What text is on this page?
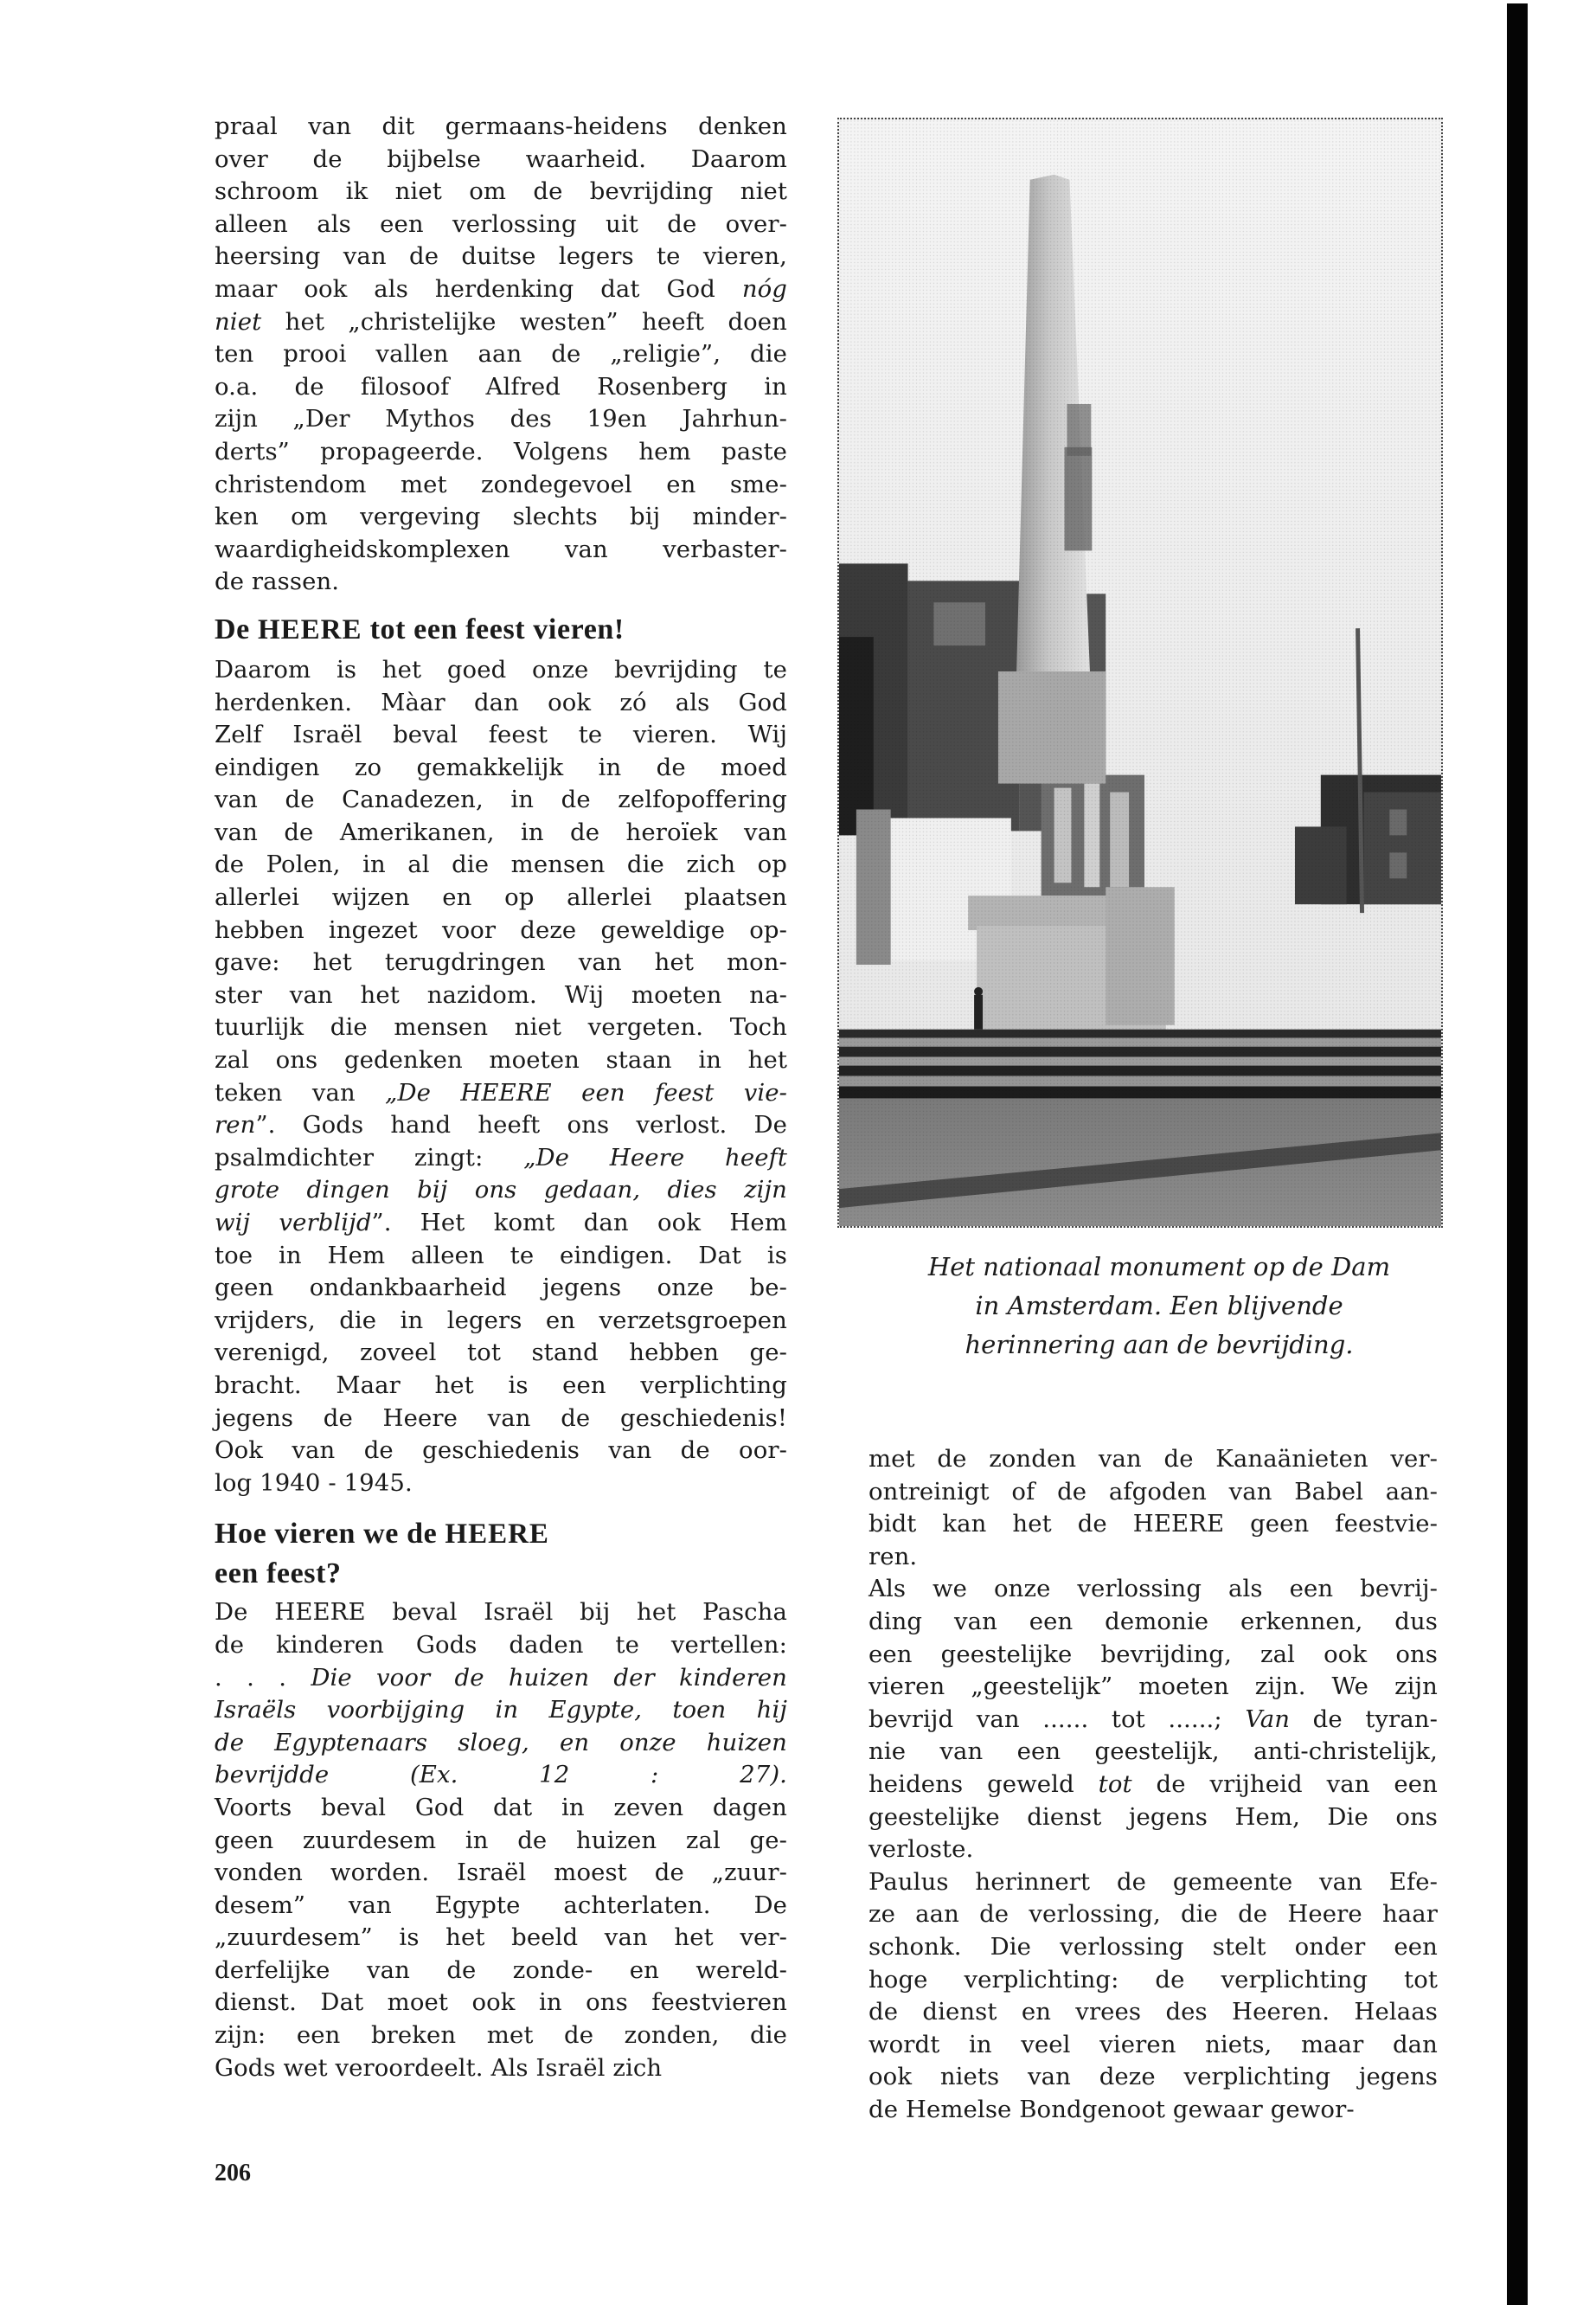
praal van dit germaans-heidens denken
over de bijbelse waarheid. Daarom
schroom ik niet om de bevrijding niet
alleen als een verlossing uit de over-
heersing van de duitse legers te vieren,
maar ook als herdenking dat God nóg
niet het „christelijke westen” heeft doen
ten prooi vallen aan de „religie”, die
o.a. de filosoof Alfred Rosenberg in
zijn „Der Mythos des 19en Jahrhun-
derts” propageerde. Volgens hem paste
christendom met zondegevoel en sme-
ken om vergeving slechts bij minder-
waardigheidskomplexen van verbaster-
de rassen.
De HEERE tot een feest vieren!
Daarom is het goed onze bevrijding te
herdenken. Màar dan ook zó als God
Zelf Israël beval feest te vieren. Wij
eindigen zo gemakkelijk in de moed
van de Canadezen, in de zelfopoffering
van de Amerikanen, in de heroïek van
de Polen, in al die mensen die zich op
allerlei wijzen en op allerlei plaatsen
hebben ingezet voor deze geweldige op-
gave: het terugdringen van het mon-
ster van het nazidom. Wij moeten na-
tuurlijk die mensen niet vergeten. Toch
zal ons gedenken moeten staan in het
teken van „De HEERE een feest vie-
ren”. Gods hand heeft ons verlost. De
psalmdichter zingt: „De Heere heeft
grote dingen bij ons gedaan, dies zijn
wij verblijd”. Het komt dan ook Hem
toe in Hem alleen te eindigen. Dat is
geen ondankbaarheid jegens onze be-
vrijders, die in legers en verzetsgroepen
verenigd, zoveel tot stand hebben ge-
bracht. Maar het is een verplichting
jegens de Heere van de geschiedenis!
Ook van de geschiedenis van de oor-
log 1940 - 1945.
Hoe vieren we de HEERE
een feest?
De HEERE beval Israël bij het Pascha
de kinderen Gods daden te vertellen:
. . . Die voor de huizen der kinderen
Israëls voorbijging in Egypte, toen hij
de Egyptenaars sloeg, en onze huizen
bevrijdde (Ex. 12 : 27).
Voorts beval God dat in zeven dagen
geen zuurdesem in de huizen zal ge-
vonden worden. Israël moest de „zuur-
desem” van Egypte achterlaten. De
„zuurdesem” is het beeld van het ver-
derfelijke van de zonde- en wereld-
dienst. Dat moet ook in ons feestvieren
zijn: een breken met de zonden, die
Gods wet veroordeelt. Als Israël zich
206
Het nationaal monument op de Dam
in Amsterdam. Een blijvende
herinnering aan de bevrijding.
met de zonden van de Kanaänieten ver-
ontreinigt of de afgoden van Babel aan-
bidt kan het de HEERE geen feestvie-
ren.
Als we onze verlossing als een bevrij-
ding van een demonie erkennen, dus
een geestelijke bevrijding, zal ook ons
vieren „geestelijk” moeten zijn. We zijn
bevrijd van ...... tot ......; Van de tyran-
nie van een geestelijk, anti-christelijk,
heidens geweld tot de vrijheid van een
geestelijke dienst jegens Hem, Die ons
verloste.
Paulus herinnert de gemeente van Efe-
ze aan de verlossing, die de Heere haar
schonk. Die verlossing stelt onder een
hoge verplichting: de verplichting tot
de dienst en vrees des Heeren. Helaas
wordt in veel vieren niets, maar dan
ook niets van deze verplichting jegens
de Hemelse Bondgenoot gewaar gewor-
